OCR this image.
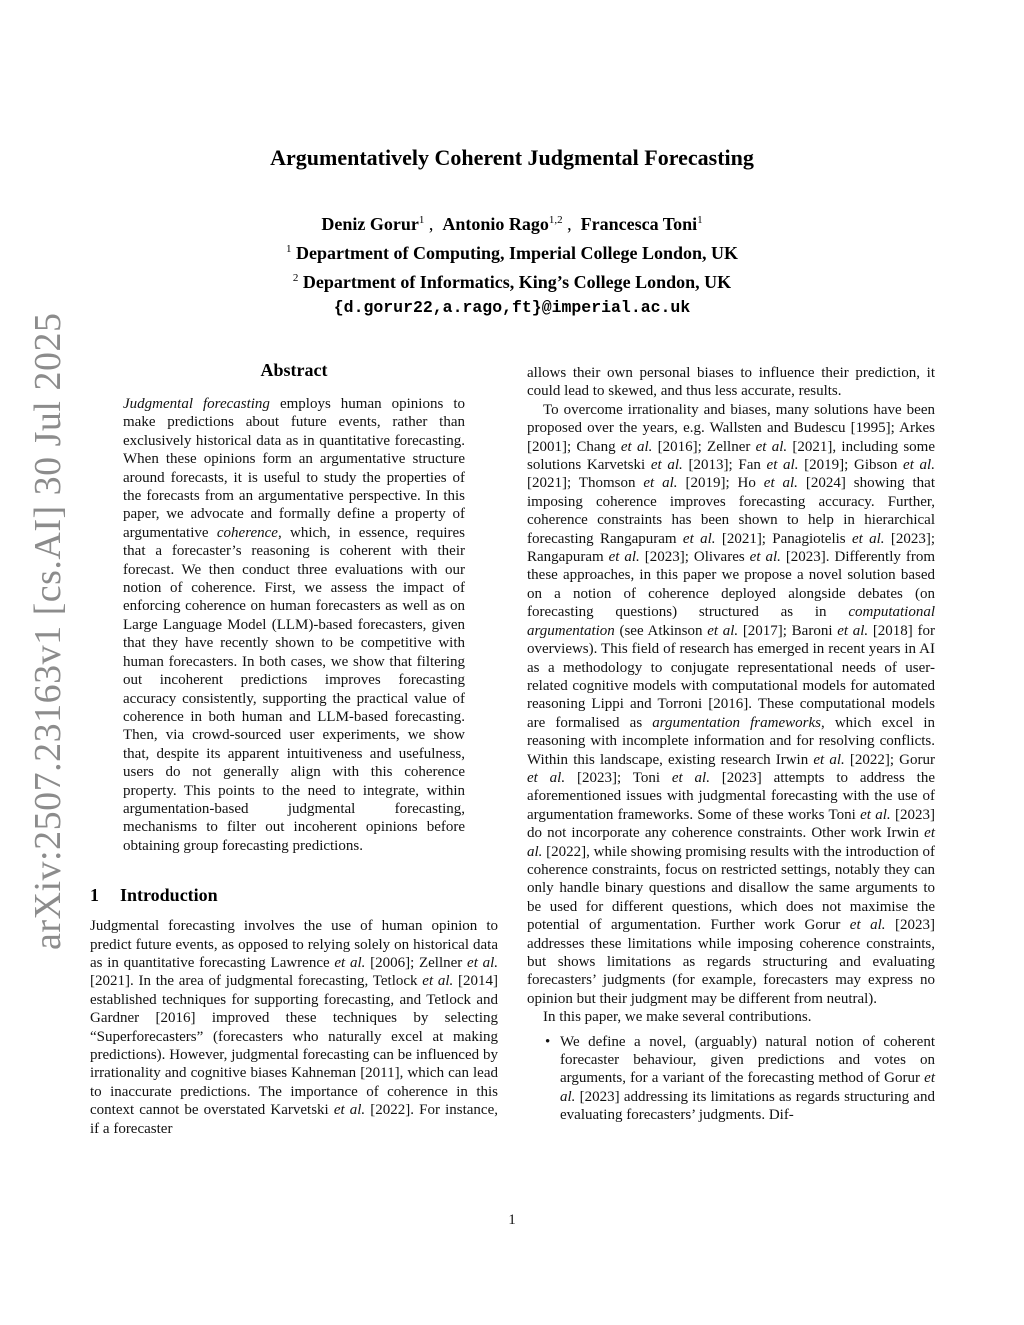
arXiv:2507.23163v1 [cs.AI] 30 Jul 2025
Argumentatively Coherent Judgmental Forecasting
Deniz Gorur$^1$ ,  Antonio Rago$^{1,2}$ ,  Francesca Toni$^1$
$^1$ Department of Computing, Imperial College London, UK
$^2$ Department of Informatics, King’s College London, UK
{d.gorur22,a.rago,ft}@imperial.ac.uk
Abstract

Judgmental forecasting employs human opinions to make predictions about future events, rather than exclusively historical data as in quantitative forecasting. When these opinions form an argumentative structure around forecasts, it is useful to study the properties of the forecasts from an argumentative perspective. In this paper, we advocate and formally define a property of argumentative coherence, which, in essence, requires that a forecaster’s reasoning is coherent with their forecast. We then conduct three evaluations with our notion of coherence. First, we assess the impact of enforcing coherence on human forecasters as well as on Large Language Model (LLM)-based forecasters, given that they have recently shown to be competitive with human forecasters. In both cases, we show that filtering out incoherent predictions improves forecasting accuracy consistently, supporting the practical value of coherence in both human and LLM-based forecasting. Then, via crowd-sourced user experiments, we show that, despite its apparent intuitiveness and usefulness, users do not generally align with this coherence property. This points to the need to integrate, within argumentation-based judgmental forecasting, mechanisms to filter out incoherent opinions before obtaining group forecasting predictions.

1 Introduction

Judgmental forecasting involves the use of human opinion to predict future events, as opposed to relying solely on historical data as in quantitative forecasting Lawrence et al. [2006]; Zellner et al. [2021]. In the area of judgmental forecasting, Tetlock et al. [2014] established techniques for supporting forecasting, and Tetlock and Gardner [2016] improved these techniques by selecting “Superforecasters” (forecasters who naturally excel at making predictions). However, judgmental forecasting can be influenced by irrationality and cognitive biases Kahneman [2011], which can lead to inaccurate predictions. The importance of coherence in this context cannot be overstated Karvetski et al. [2022]. For instance, if a forecaster

allows their own personal biases to influence their prediction, it could lead to skewed, and thus less accurate, results.

To overcome irrationality and biases, many solutions have been proposed over the years, e.g. Wallsten and Budescu [1995]; Arkes [2001]; Chang et al. [2016]; Zellner et al. [2021], including some solutions Karvetski et al. [2013]; Fan et al. [2019]; Gibson et al. [2021]; Thomson et al. [2019]; Ho et al. [2024] showing that imposing coherence improves forecasting accuracy. Further, coherence constraints has been shown to help in hierarchical forecasting Rangapuram et al. [2021]; Panagiotelis et al. [2023]; Rangapuram et al. [2023]; Olivares et al. [2023]. Differently from these approaches, in this paper we propose a novel solution based on a notion of coherence deployed alongside debates (on forecasting questions) structured as in computational argumentation (see Atkinson et al. [2017]; Baroni et al. [2018] for overviews). This field of research has emerged in recent years in AI as a methodology to conjugate representational needs of user-related cognitive models with computational models for automated reasoning Lippi and Torroni [2016]. These computational models are formalised as argumentation frameworks, which excel in reasoning with incomplete information and for resolving conflicts. Within this landscape, existing research Irwin et al. [2022]; Gorur et al. [2023]; Toni et al. [2023] attempts to address the aforementioned issues with judgmental forecasting with the use of argumentation frameworks. Some of these works Toni et al. [2023] do not incorporate any coherence constraints. Other work Irwin et al. [2022], while showing promising results with the introduction of coherence constraints, focus on restricted settings, notably they can only handle binary questions and disallow the same arguments to be used for different questions, which does not maximise the potential of argumentation. Further work Gorur et al. [2023] addresses these limitations while imposing coherence constraints, but shows limitations as regards structuring and evaluating forecasters’ judgments (for example, forecasters may express no opinion but their judgment may be different from neutral).

In this paper, we make several contributions.

• We define a novel, (arguably) natural notion of coherent forecaster behaviour, given predictions and votes on arguments, for a variant of the forecasting method of Gorur et al. [2023] addressing its limitations as regards structuring and evaluating forecasters’ judgments. Dif-
1
